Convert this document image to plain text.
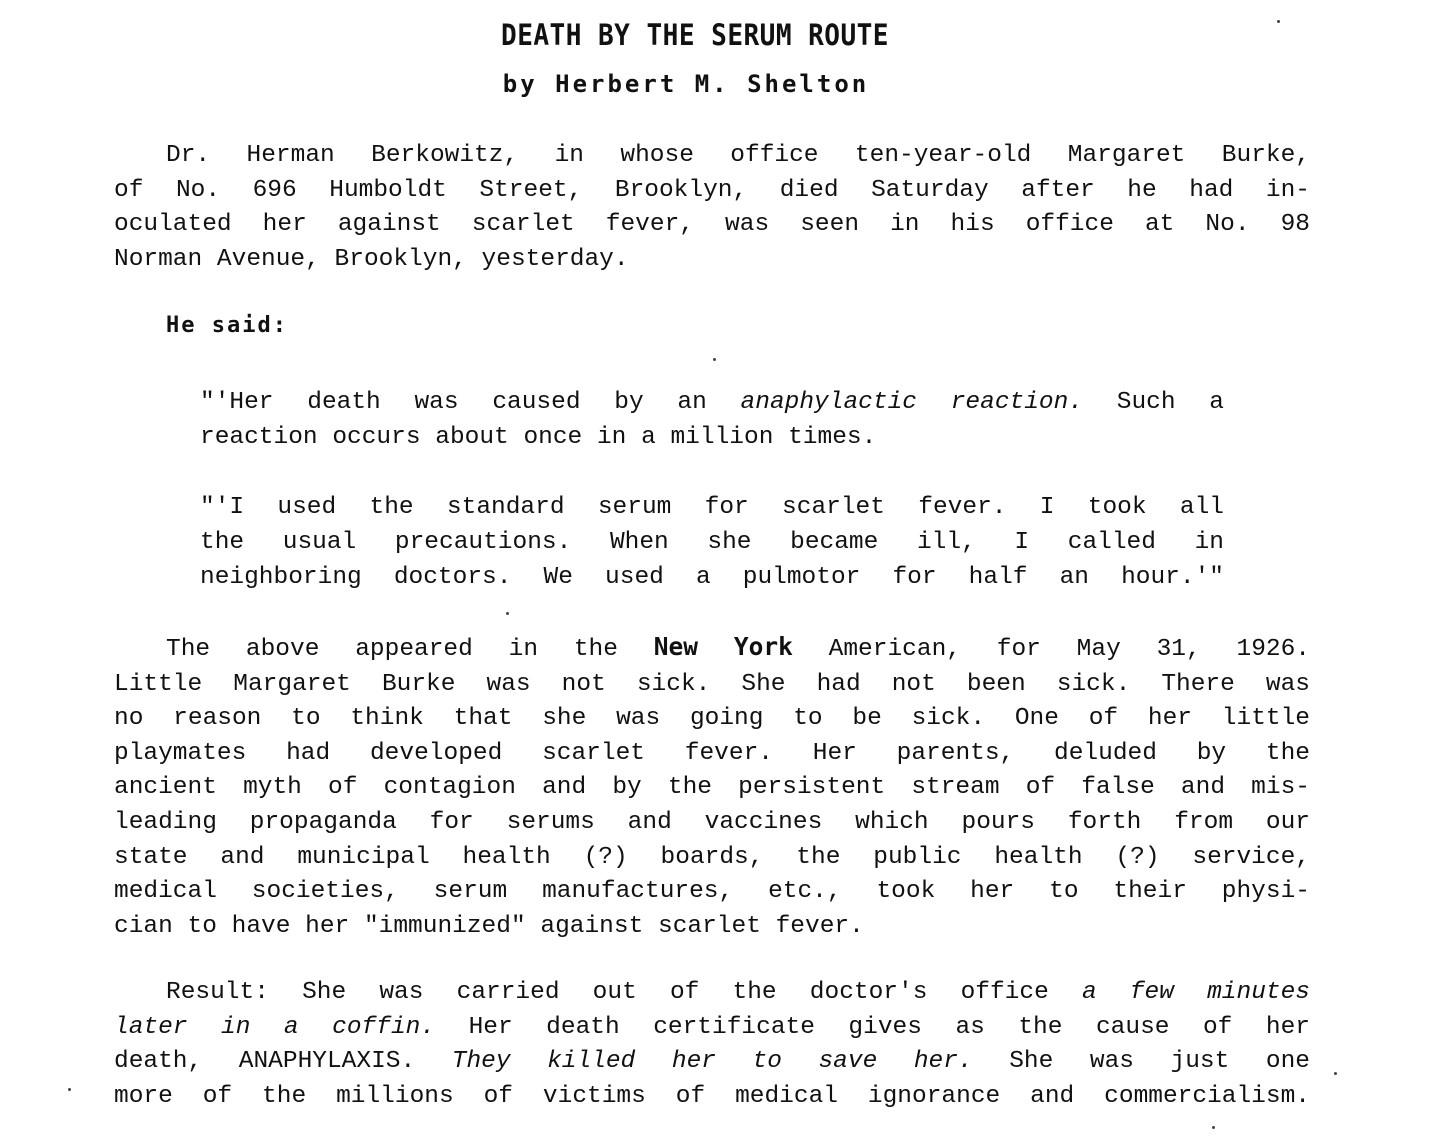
DEATH BY THE SERUM ROUTE
by Herbert M. Shelton
Dr. Herman Berkowitz, in whose office ten-year-old Margaret Burke,
of No. 696 Humboldt Street, Brooklyn, died Saturday after he had in-
oculated her against scarlet fever, was seen in his office at No. 98
Norman Avenue, Brooklyn, yesterday.
He said:
"'Her death was caused by an anaphylactic reaction. Such a
reaction occurs about once in a million times.
"'I used the standard serum for scarlet fever. I took all
the usual precautions. When she became ill, I called in
neighboring doctors. We used a pulmotor for half an hour.'"
The above appeared in the New York American, for May 31, 1926.
Little Margaret Burke was not sick. She had not been sick. There was
no reason to think that she was going to be sick. One of her little
playmates had developed scarlet fever. Her parents, deluded by the
ancient myth of contagion and by the persistent stream of false and mis-
leading propaganda for serums and vaccines which pours forth from our
state and municipal health (?) boards, the public health (?) service,
medical societies, serum manufactures, etc., took her to their physi-
cian to have her "immunized" against scarlet fever.
Result: She was carried out of the doctor's office a few minutes
later in a coffin. Her death certificate gives as the cause of her
death, ANAPHYLAXIS. They killed her to save her. She was just one
more of the millions of victims of medical ignorance and commercialism.
